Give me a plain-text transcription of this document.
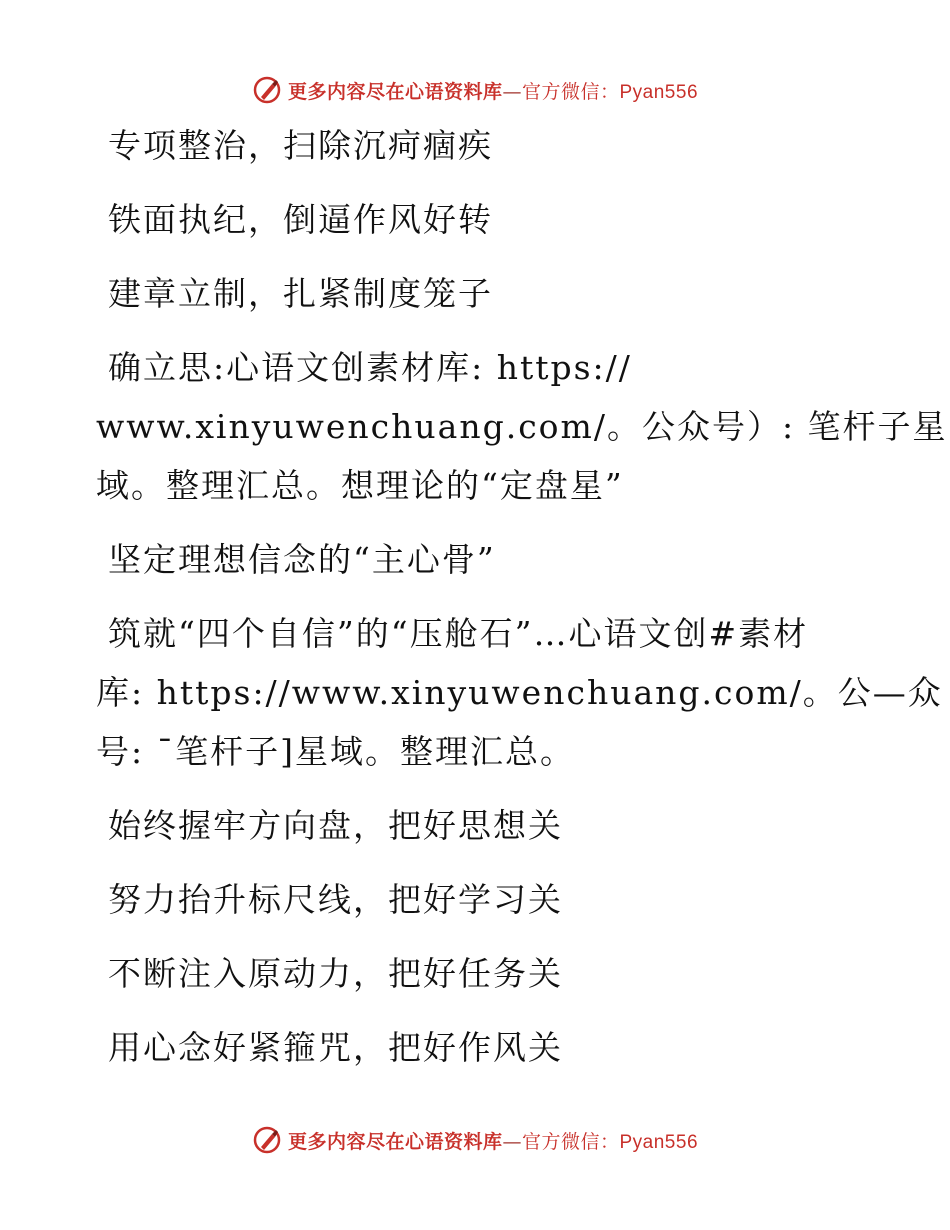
更多内容尽在心语资料库—官方微信：Pyan556
专项整治，扫除沉疴痼疾
铁面执纪，倒逼作风好转
建章立制，扎紧制度笼子
确立思:心语文创素材库: https://
www.xinyuwenchuang.com/。公众号）: 笔杆子星
域。整理汇总。想理论的“定盘星”
坚定理想信念的“主心骨”
筑就“四个自信”的“压舱石”…心语文创#素材
库: https://www.xinyuwenchuang.com/。公—众
号: ¯笔杆子]星域。整理汇总。
始终握牢方向盘，把好思想关
努力抬升标尺线，把好学习关
不断注入原动力，把好任务关
用心念好紧箍咒，把好作风关
更多内容尽在心语资料库—官方微信：Pyan556
